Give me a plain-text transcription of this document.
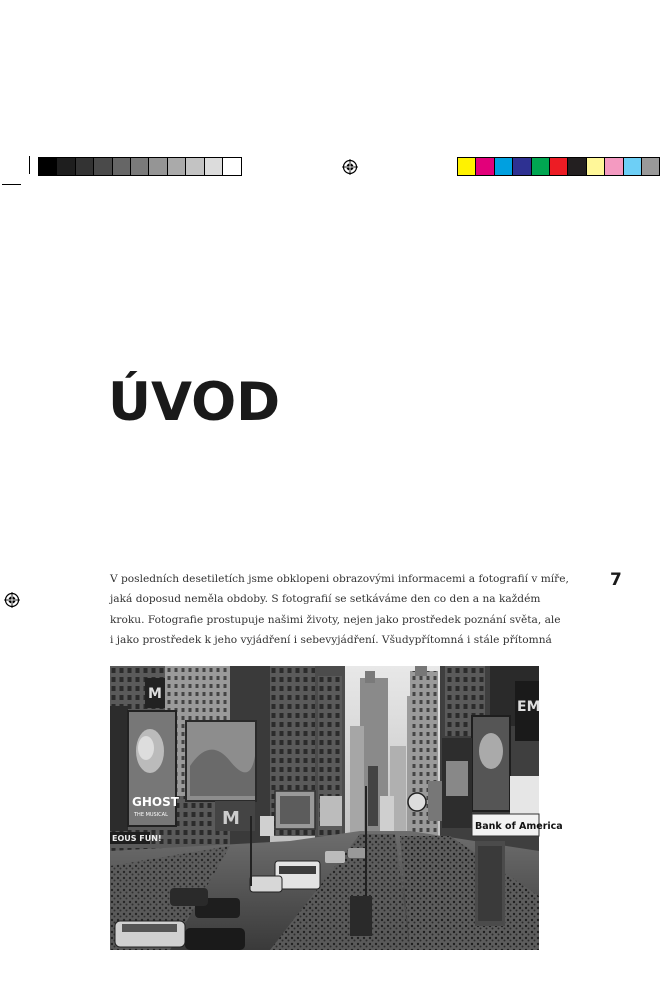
ÚVOD
7

V posledních desetiletích jsme obklopeni obrazovými informacemi a fotografií v míře,
jaká doposud neměla obdoby. S fotografií se setkáváme den co den a na každém
kroku. Fotografie prostupuje našimi životy, nejen jako prostředek poznání světa, ale
i jako prostředek k jeho vyjádření i sebevyjádření. Všudypřítomná i stále přítomná

GHOST
THE MUSICAL
M
M
EOUS FUN!
EM
Bank of America
